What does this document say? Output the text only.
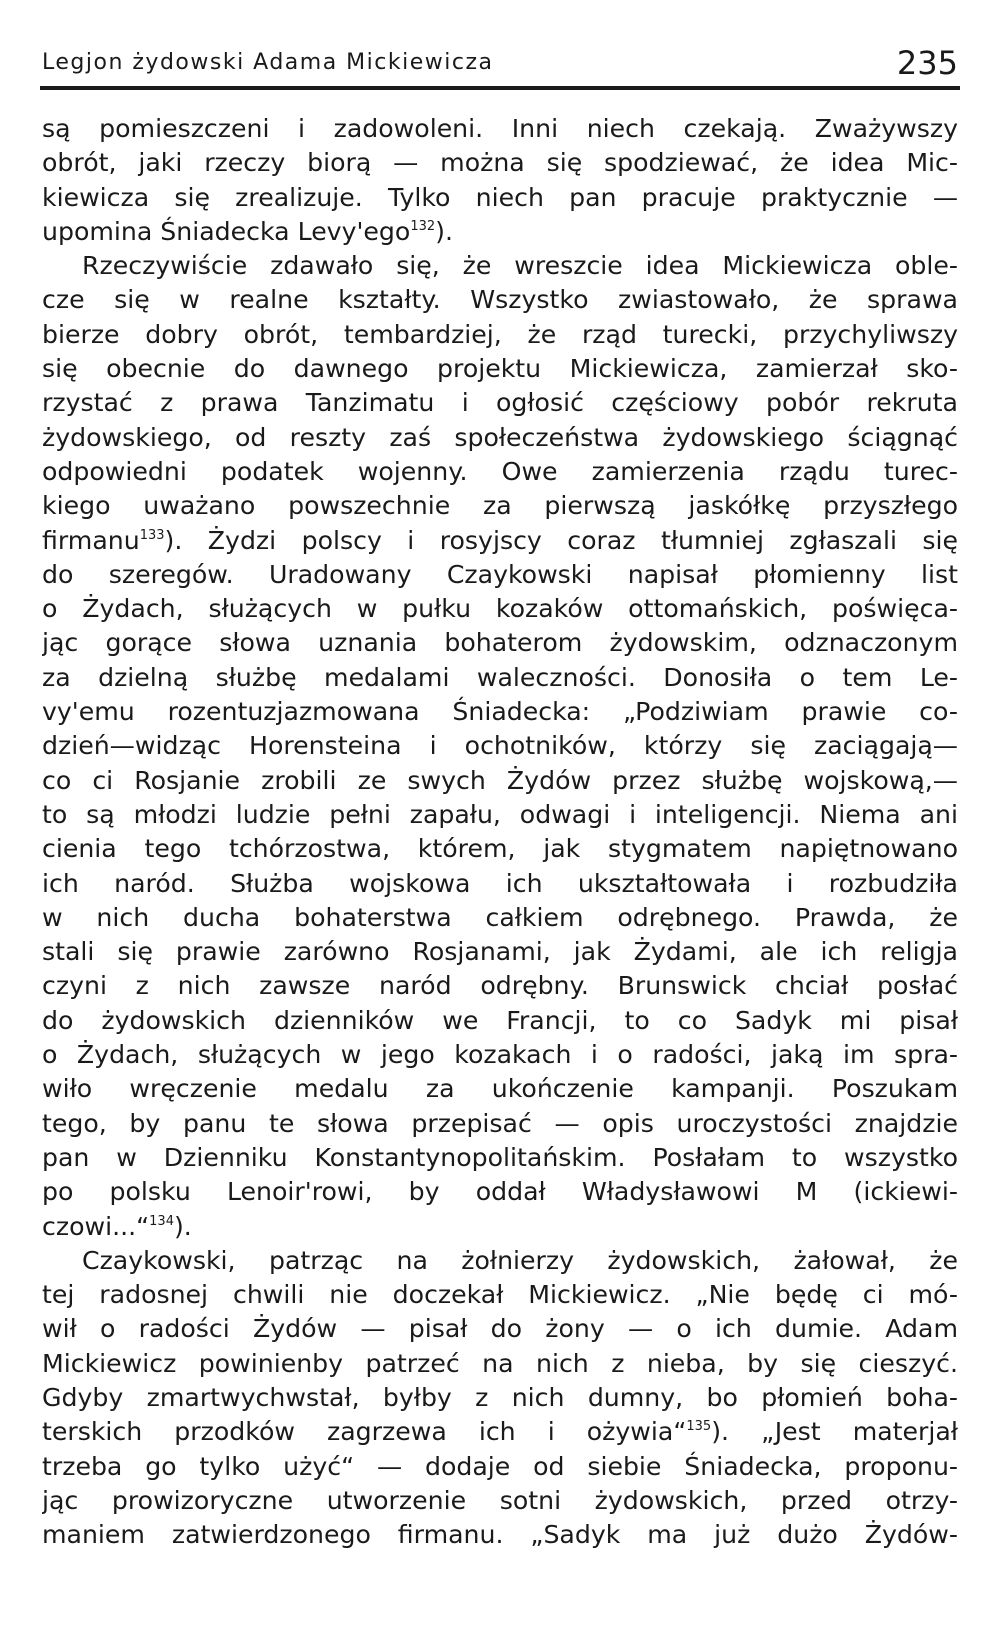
Legjon żydowski Adama Mickiewicza	235
są pomieszczeni i zadowoleni. Inni niech czekają. Zważywszy
obrót, jaki rzeczy biorą — można się spodziewać, że idea Mic-
kiewicza się zrealizuje. Tylko niech pan pracuje praktycznie —
upomina Śniadecka Levy'ego$^{132}$).
Rzeczywiście zdawało się, że wreszcie idea Mickiewicza oble-
cze się w realne kształty. Wszystko zwiastowało, że sprawa
bierze dobry obrót, tembardziej, że rząd turecki, przychyliwszy
się obecnie do dawnego projektu Mickiewicza, zamierzał sko-
rzystać z prawa Tanzimatu i ogłosić częściowy pobór rekruta
żydowskiego, od reszty zaś społeczeństwa żydowskiego ściągnąć
odpowiedni podatek wojenny. Owe zamierzenia rządu turec-
kiego uważano powszechnie za pierwszą jaskółkę przyszłego
firmanu$^{133}$). Żydzi polscy i rosyjscy coraz tłumniej zgłaszali się
do szeregów. Uradowany Czaykowski napisał płomienny list
o Żydach, służących w pułku kozaków ottomańskich, poświęca-
jąc gorące słowa uznania bohaterom żydowskim, odznaczonym
za dzielną służbę medalami waleczności. Donosiła o tem Le-
vy'emu rozentuzjazmowana Śniadecka: „Podziwiam prawie co-
dzień—widząc Horensteina i ochotników, którzy się zaciągają—
co ci Rosjanie zrobili ze swych Żydów przez służbę wojskową,—
to są młodzi ludzie pełni zapału, odwagi i inteligencji. Niema ani
cienia tego tchórzostwa, którem, jak stygmatem napiętnowano
ich naród. Służba wojskowa ich ukształtowała i rozbudziła
w nich ducha bohaterstwa całkiem odrębnego. Prawda, że
stali się prawie zarówno Rosjanami, jak Żydami, ale ich religja
czyni z nich zawsze naród odrębny. Brunswick chciał posłać
do żydowskich dzienników we Francji, to co Sadyk mi pisał
o Żydach, służących w jego kozakach i o radości, jaką im spra-
wiło wręczenie medalu za ukończenie kampanji. Poszukam
tego, by panu te słowa przepisać — opis uroczystości znajdzie
pan w Dzienniku Konstantynopolitańskim. Posłałam to wszystko
po polsku Lenoir'rowi, by oddał Władysławowi M (ickiewi-
czowi...“$^{134}$).
Czaykowski, patrząc na żołnierzy żydowskich, żałował, że
tej radosnej chwili nie doczekał Mickiewicz. „Nie będę ci mó-
wił o radości Żydów — pisał do żony — o ich dumie. Adam
Mickiewicz powinienby patrzeć na nich z nieba, by się cieszyć.
Gdyby zmartwychwstał, byłby z nich dumny, bo płomień boha-
terskich przodków zagrzewa ich i ożywia“$^{135}$). „Jest materjał
trzeba go tylko użyć“ — dodaje od siebie Śniadecka, proponu-
jąc prowizoryczne utworzenie sotni żydowskich, przed otrzy-
maniem zatwierdzonego firmanu. „Sadyk ma już dużo Żydów-
